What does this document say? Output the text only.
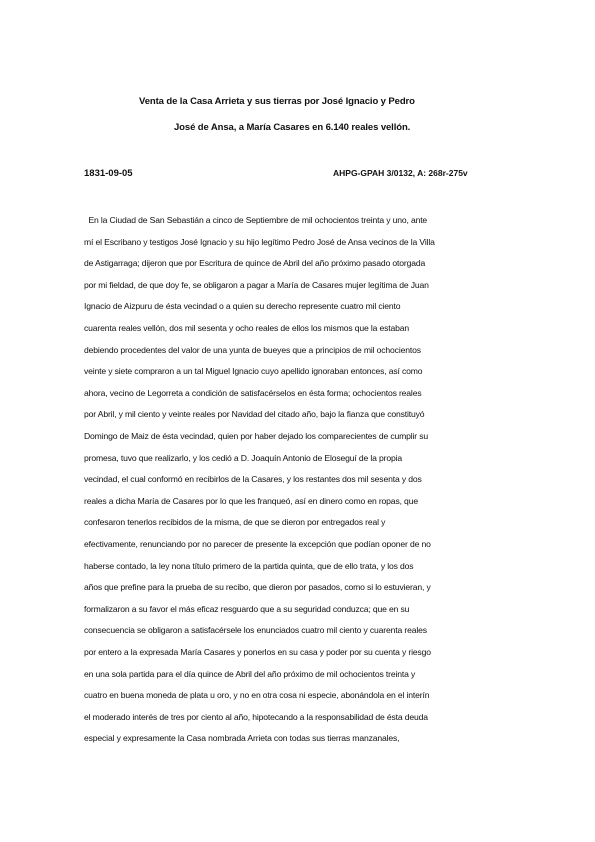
Venta de la Casa Arrieta y sus tierras por José Ignacio y Pedro
José de Ansa, a María Casares en 6.140 reales vellón.
1831-09-05	AHPG-GPAH 3/0132, A: 268r-275v
En la Ciudad de San Sebastián a cinco de Septiembre de mil ochocientos treinta y uno, ante
mí el Escribano y testigos José Ignacio y su hijo legítimo Pedro José de Ansa vecinos de la Villa
de Astigarraga; dijeron que por Escritura de quince de Abril del año próximo pasado otorgada
por mi fieldad, de que doy fe, se obligaron a pagar a María de Casares mujer legítima de Juan
Ignacio de Aizpuru de ésta vecindad o a quien su derecho represente cuatro mil ciento
cuarenta reales vellón, dos mil sesenta y ocho reales de ellos los mismos que la estaban
debiendo procedentes del valor de una yunta de bueyes que a principios de mil ochocientos
veinte y siete compraron a un tal Miguel Ignacio cuyo apellido ignoraban entonces, así como
ahora, vecino de Legorreta a condición de satisfacérselos en ésta forma; ochocientos reales
por Abril, y mil ciento y veinte reales por Navidad del citado año, bajo la fianza que constituyó
Domingo de Maiz de ésta vecindad, quien por haber dejado los comparecientes de cumplir su
promesa, tuvo que realizarlo, y los cedió a D. Joaquín Antonio de Eloseguí de la propia
vecindad, el cual conformó en recibirlos de la Casares, y los restantes dos mil sesenta y dos
reales a dicha María de Casares por lo que les franqueó, así en dinero como en ropas, que
confesaron tenerlos recibidos de la misma, de que se dieron por entregados real y
efectivamente, renunciando por no parecer de presente la excepción que podían oponer de no
haberse contado, la ley nona título primero de la partida quinta, que de ello trata, y los dos
años que prefine para la prueba de su recibo, que dieron por pasados, como si lo estuvieran, y
formalizaron a su favor el más eficaz resguardo que a su seguridad conduzca; que en su
consecuencia se obligaron a satisfacérsele los enunciados cuatro mil ciento y cuarenta reales
por entero a la expresada María Casares y ponerlos en su casa y poder por su cuenta y riesgo
en una sola partida para el día quince de Abril del año próximo de mil ochocientos treinta y
cuatro en buena moneda de plata u oro, y no en otra cosa ni especie, abonándola en el interín
el moderado interés de tres por ciento al año, hipotecando a la responsabilidad de ésta deuda
especial y expresamente la Casa nombrada Arrieta con todas sus tierras manzanales,
